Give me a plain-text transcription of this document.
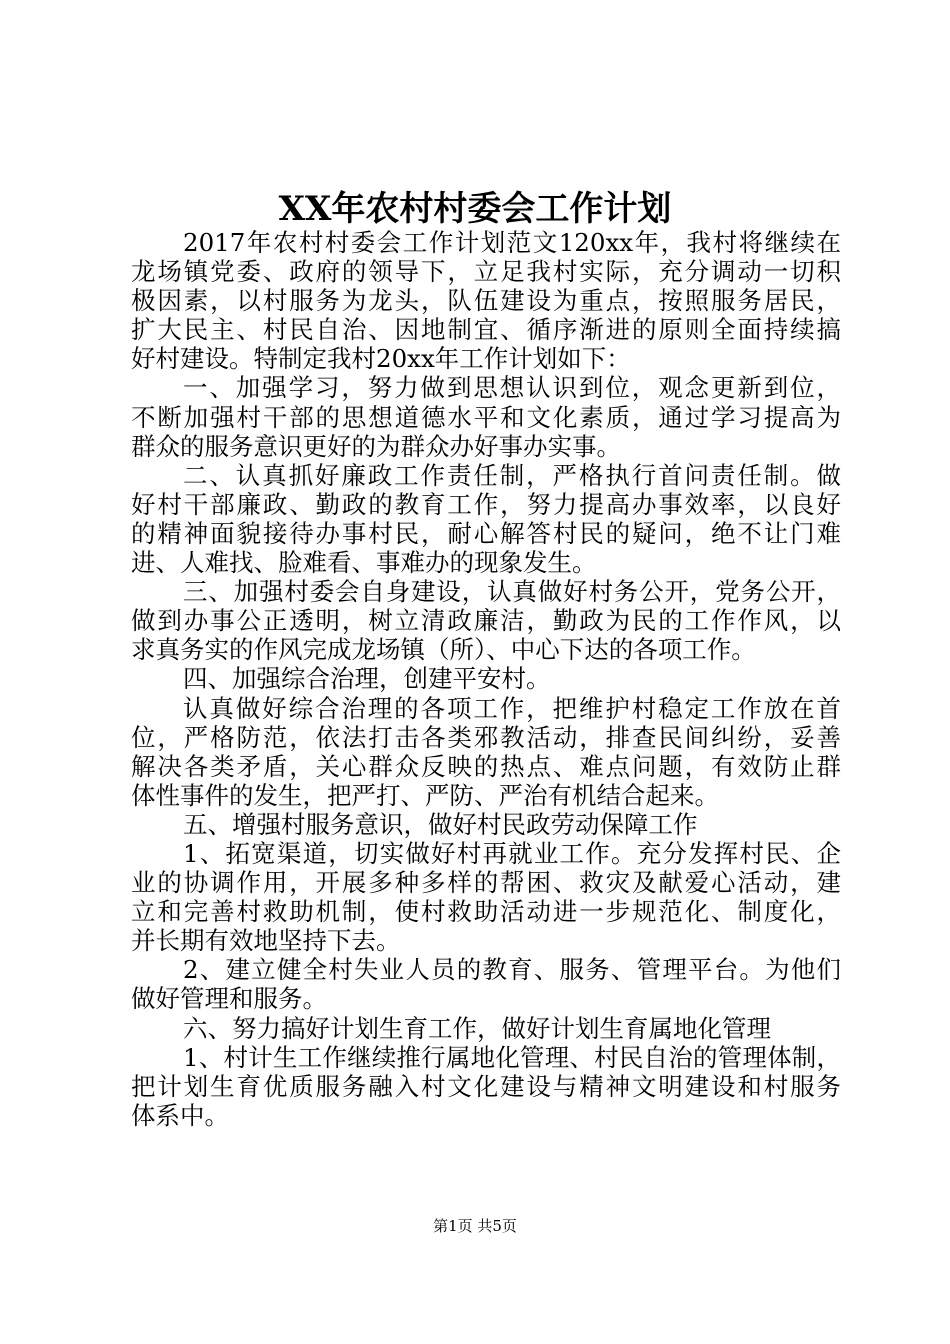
XX年农村村委会工作计划
2017年农村村委会工作计划范文120xx年，我村将继续在
龙场镇党委、政府的领导下，立足我村实际，充分调动一切积
极因素，以村服务为龙头，队伍建设为重点，按照服务居民，
扩大民主、村民自治、因地制宜、循序渐进的原则全面持续搞
好村建设。特制定我村20xx年工作计划如下：
一、加强学习，努力做到思想认识到位，观念更新到位，
不断加强村干部的思想道德水平和文化素质，通过学习提高为
群众的服务意识更好的为群众办好事办实事。
二、认真抓好廉政工作责任制，严格执行首问责任制。做
好村干部廉政、勤政的教育工作，努力提高办事效率，以良好
的精神面貌接待办事村民，耐心解答村民的疑问，绝不让门难
进、人难找、脸难看、事难办的现象发生。
三、加强村委会自身建设，认真做好村务公开，党务公开，
做到办事公正透明，树立清政廉洁，勤政为民的工作作风，以
求真务实的作风完成龙场镇（所）、中心下达的各项工作。
四、加强综合治理，创建平安村。
认真做好综合治理的各项工作，把维护村稳定工作放在首
位，严格防范，依法打击各类邪教活动，排查民间纠纷，妥善
解决各类矛盾，关心群众反映的热点、难点问题，有效防止群
体性事件的发生，把严打、严防、严治有机结合起来。
五、增强村服务意识，做好村民政劳动保障工作
1、拓宽渠道，切实做好村再就业工作。充分发挥村民、企
业的协调作用，开展多种多样的帮困、救灾及献爱心活动，建
立和完善村救助机制，使村救助活动进一步规范化、制度化，
并长期有效地坚持下去。
2、建立健全村失业人员的教育、服务、管理平台。为他们
做好管理和服务。
六、努力搞好计划生育工作，做好计划生育属地化管理
1、村计生工作继续推行属地化管理、村民自治的管理体制，
把计划生育优质服务融入村文化建设与精神文明建设和村服务
体系中。
第1页 共5页
